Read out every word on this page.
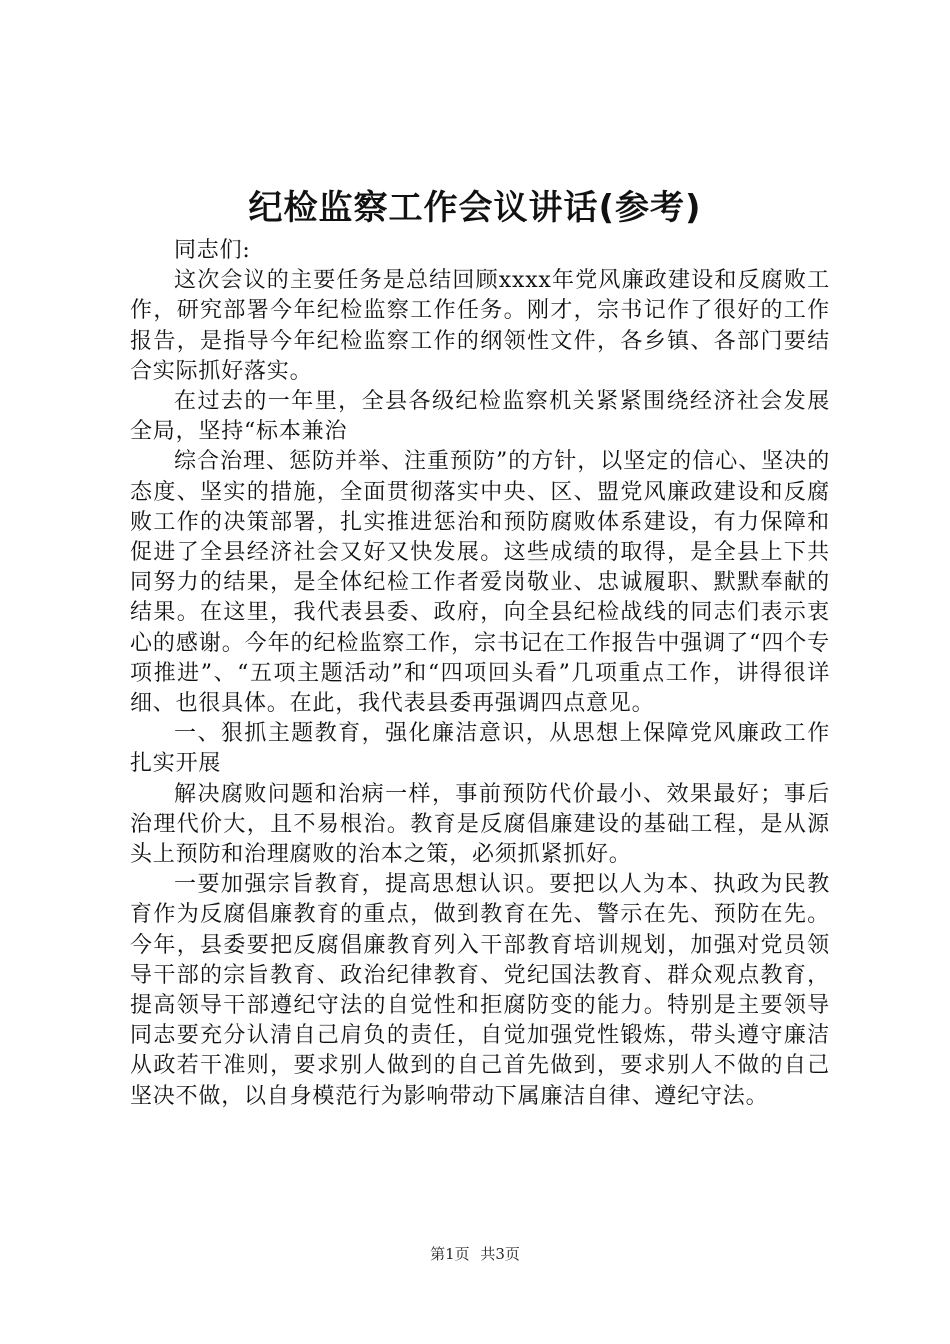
纪检监察工作会议讲话(参考)

同志们:

这次会议的主要任务是总结回顾xxxx年党风廉政建设和反腐败工作，研究部署今年纪检监察工作任务。刚才，宗书记作了很好的工作报告，是指导今年纪检监察工作的纲领性文件，各乡镇、各部门要结合实际抓好落实。

在过去的一年里，全县各级纪检监察机关紧紧围绕经济社会发展全局，坚持“标本兼治

综合治理、惩防并举、注重预防”的方针，以坚定的信心、坚决的态度、坚实的措施，全面贯彻落实中央、区、盟党风廉政建设和反腐败工作的决策部署，扎实推进惩治和预防腐败体系建设，有力保障和促进了全县经济社会又好又快发展。这些成绩的取得，是全县上下共同努力的结果，是全体纪检工作者爱岗敬业、忠诚履职、默默奉献的结果。在这里，我代表县委、政府，向全县纪检战线的同志们表示衷心的感谢。今年的纪检监察工作，宗书记在工作报告中强调了“四个专项推进”、“五项主题活动”和“四项回头看”几项重点工作，讲得很详细、也很具体。在此，我代表县委再强调四点意见。

一、狠抓主题教育，强化廉洁意识，从思想上保障党风廉政工作扎实开展

解决腐败问题和治病一样，事前预防代价最小、效果最好；事后治理代价大，且不易根治。教育是反腐倡廉建设的基础工程，是从源头上预防和治理腐败的治本之策，必须抓紧抓好。

一要加强宗旨教育，提高思想认识。要把以人为本、执政为民教育作为反腐倡廉教育的重点，做到教育在先、警示在先、预防在先。今年，县委要把反腐倡廉教育列入干部教育培训规划，加强对党员领导干部的宗旨教育、政治纪律教育、党纪国法教育、群众观点教育，提高领导干部遵纪守法的自觉性和拒腐防变的能力。特别是主要领导同志要充分认清自己肩负的责任，自觉加强党性锻炼，带头遵守廉洁从政若干准则，要求别人做到的自己首先做到，要求别人不做的自己坚决不做，以自身模范行为影响带动下属廉洁自律、遵纪守法。

第1页 共3页
